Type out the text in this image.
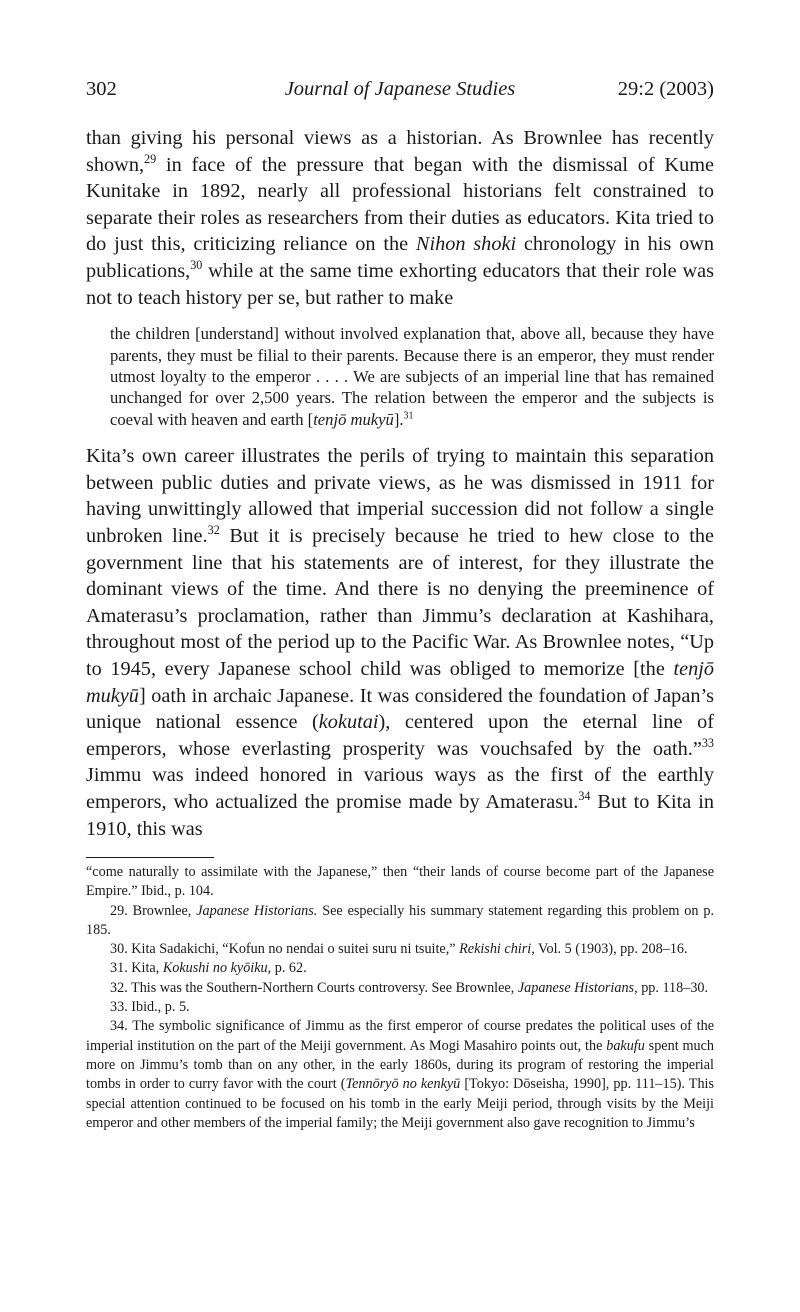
302	Journal of Japanese Studies	29:2 (2003)

than giving his personal views as a historian. As Brownlee has recently shown,$^{29}$ in face of the pressure that began with the dismissal of Kume Kunitake in 1892, nearly all professional historians felt constrained to separate their roles as researchers from their duties as educators. Kita tried to do just this, criticizing reliance on the Nihon shoki chronology in his own publications,$^{30}$ while at the same time exhorting educators that their role was not to teach history per se, but rather to make

the children [understand] without involved explanation that, above all, because they have parents, they must be filial to their parents. Because there is an emperor, they must render utmost loyalty to the emperor . . . . We are subjects of an imperial line that has remained unchanged for over 2,500 years. The relation between the emperor and the subjects is coeval with heaven and earth [tenjō mukyū].$^{31}$

Kita’s own career illustrates the perils of trying to maintain this separation between public duties and private views, as he was dismissed in 1911 for having unwittingly allowed that imperial succession did not follow a single unbroken line.$^{32}$ But it is precisely because he tried to hew close to the government line that his statements are of interest, for they illustrate the dominant views of the time. And there is no denying the preeminence of Amaterasu’s proclamation, rather than Jimmu’s declaration at Kashihara, throughout most of the period up to the Pacific War. As Brownlee notes, “Up to 1945, every Japanese school child was obliged to memorize [the tenjō mukyū] oath in archaic Japanese. It was considered the foundation of Japan’s unique national essence (kokutai), centered upon the eternal line of emperors, whose everlasting prosperity was vouchsafed by the oath.”$^{33}$ Jimmu was indeed honored in various ways as the first of the earthly emperors, who actualized the promise made by Amaterasu.$^{34}$ But to Kita in 1910, this was

“come naturally to assimilate with the Japanese,” then “their lands of course become part of the Japanese Empire.” Ibid., p. 104.

29. Brownlee, Japanese Historians. See especially his summary statement regarding this problem on p. 185.

30. Kita Sadakichi, “Kofun no nendai o suitei suru ni tsuite,” Rekishi chiri, Vol. 5 (1903), pp. 208–16.

31. Kita, Kokushi no kyōiku, p. 62.

32. This was the Southern-Northern Courts controversy. See Brownlee, Japanese Historians, pp. 118–30.

33. Ibid., p. 5.

34. The symbolic significance of Jimmu as the first emperor of course predates the political uses of the imperial institution on the part of the Meiji government. As Mogi Masahiro points out, the bakufu spent much more on Jimmu’s tomb than on any other, in the early 1860s, during its program of restoring the imperial tombs in order to curry favor with the court (Tennōryō no kenkyū [Tokyo: Dōseisha, 1990], pp. 111–15). This special attention continued to be focused on his tomb in the early Meiji period, through visits by the Meiji emperor and other members of the imperial family; the Meiji government also gave recognition to Jimmu’s
